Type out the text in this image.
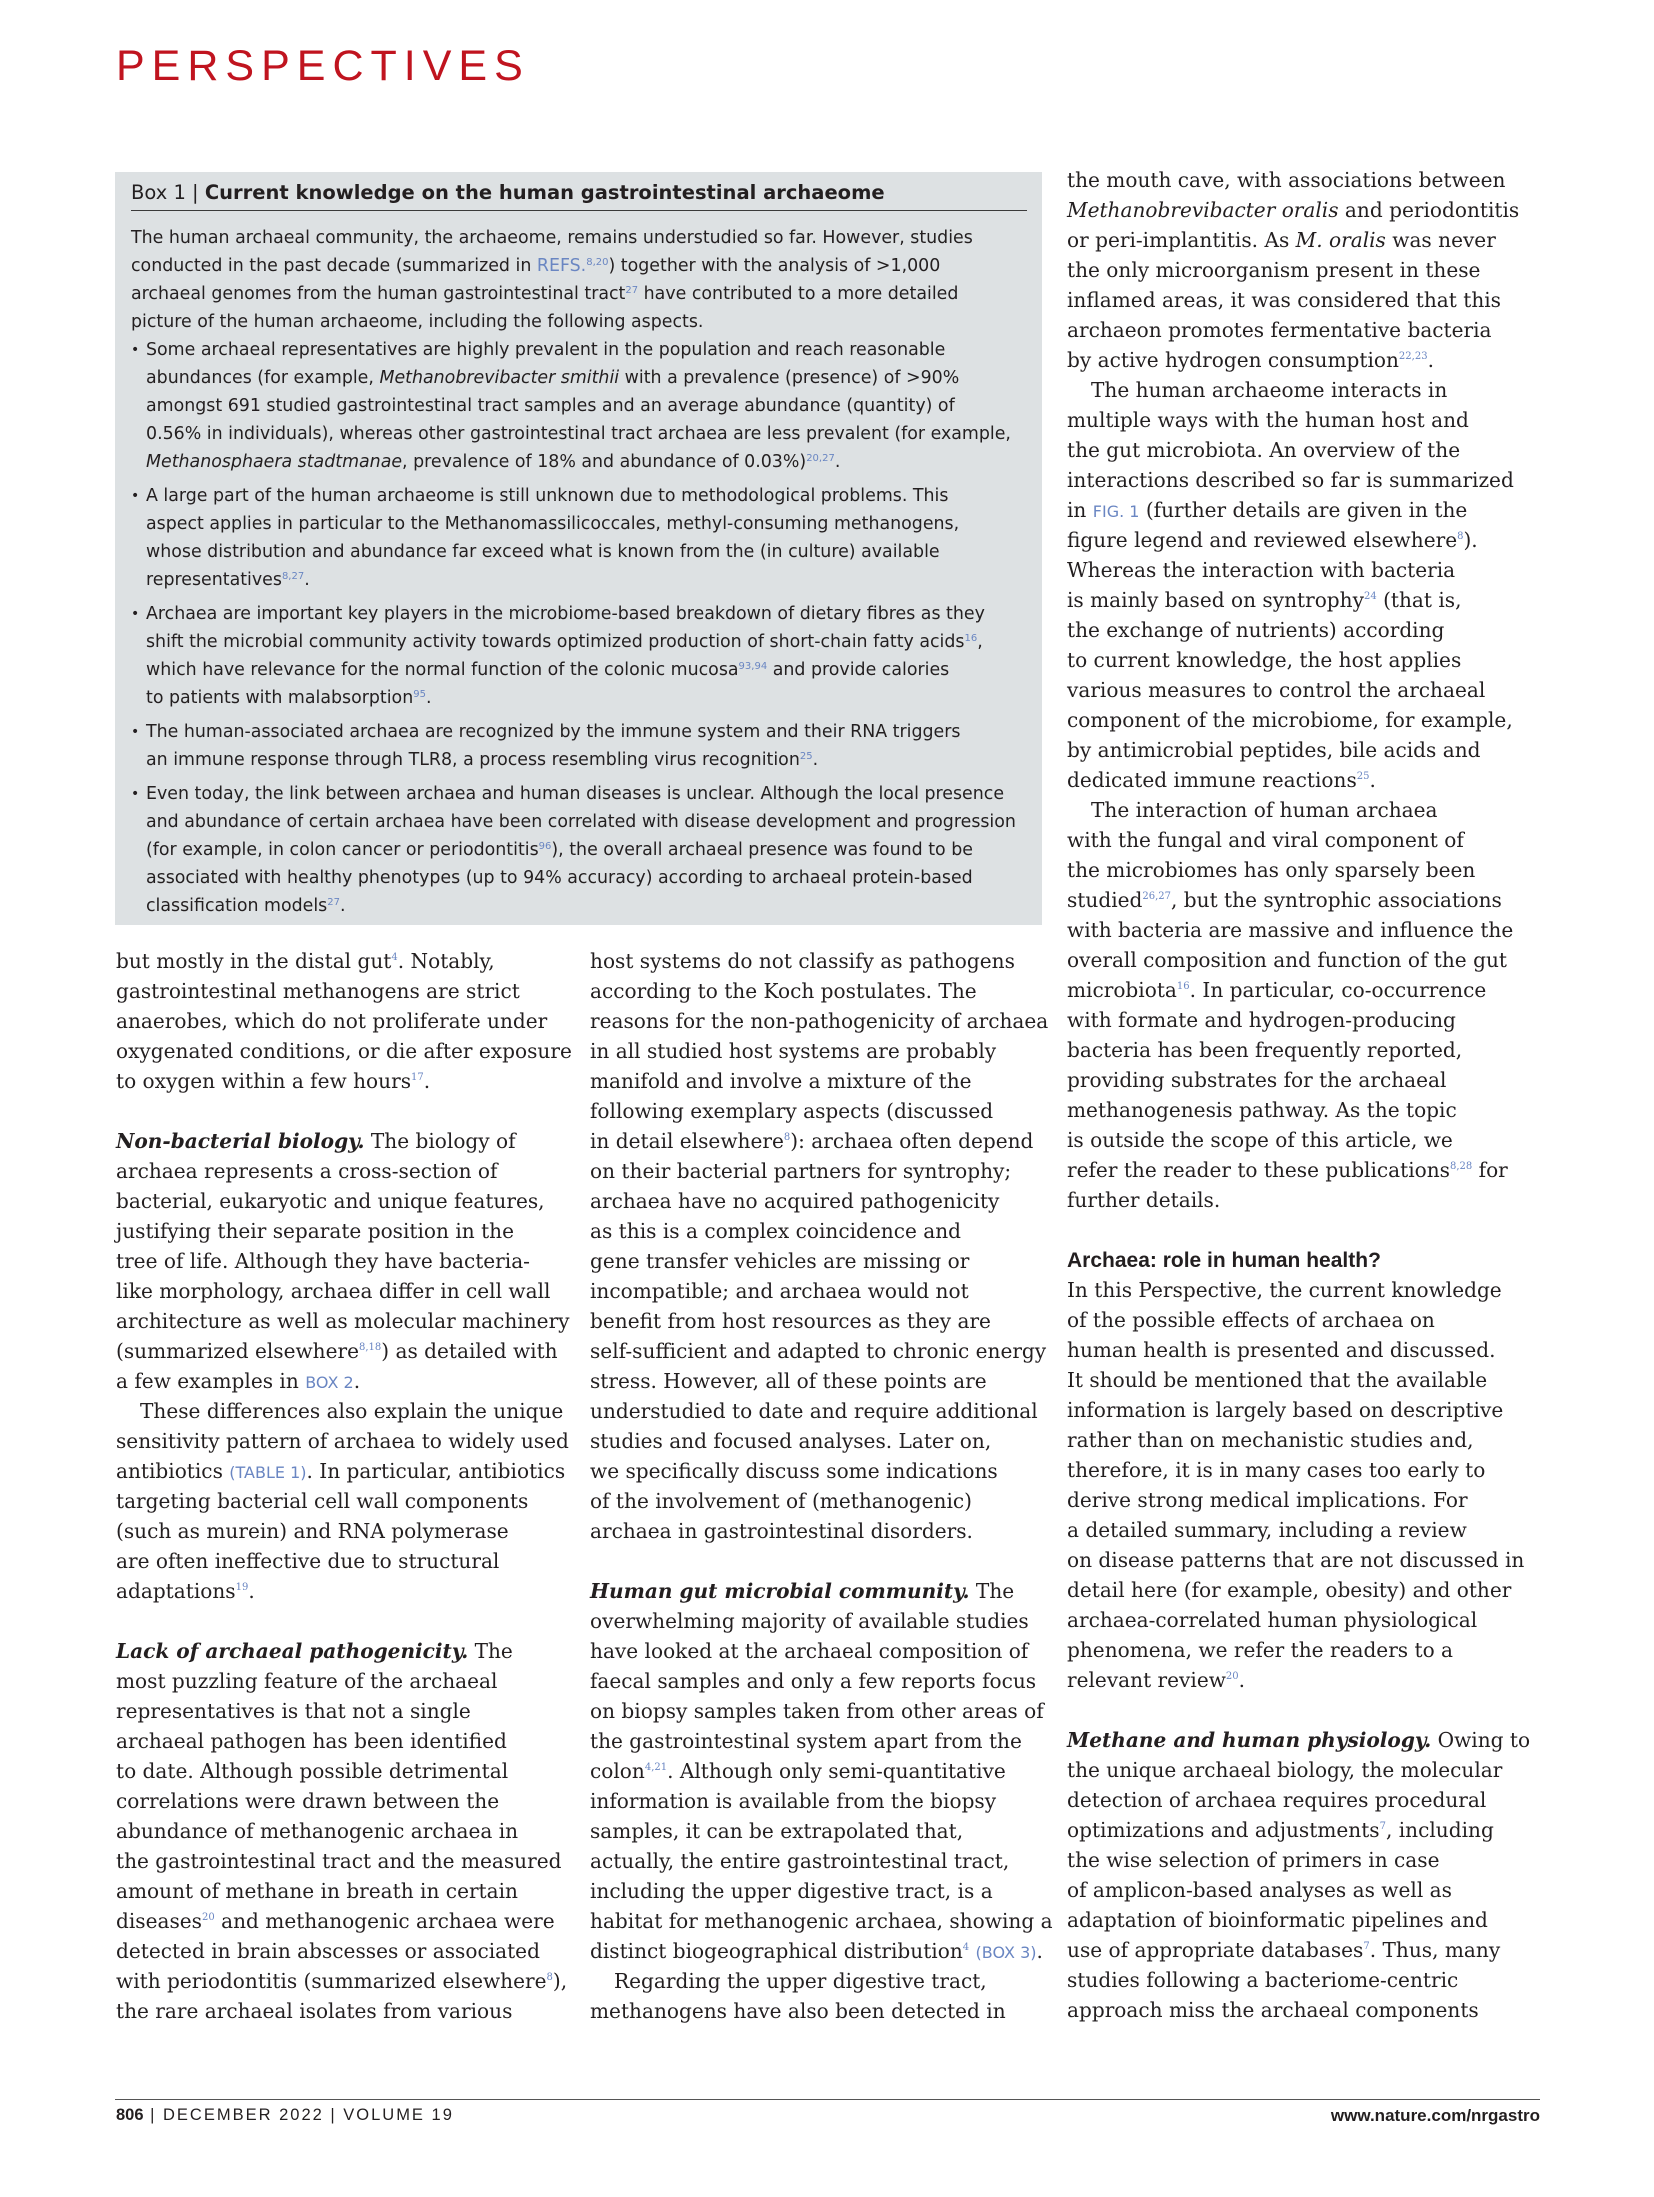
PERSPECTIVES
Box 1 | Current knowledge on the human gastrointestinal archaeome
The human archaeal community, the archaeome, remains understudied so far. However, studies
conducted in the past decade (summarized in REFS.$^{8,20}$) together with the analysis of >1,000
archaeal genomes from the human gastrointestinal tract$^{27}$ have contributed to a more detailed
picture of the human archaeome, including the following aspects.
• Some archaeal representatives are highly prevalent in the population and reach reasonable
abundances (for example, Methanobrevibacter smithii with a prevalence (presence) of >90%
amongst 691 studied gastrointestinal tract samples and an average abundance (quantity) of
0.56% in individuals), whereas other gastrointestinal tract archaea are less prevalent (for example,
Methanosphaera stadtmanae, prevalence of 18% and abundance of 0.03%)$^{20,27}$.
• A large part of the human archaeome is still unknown due to methodological problems. This
aspect applies in particular to the Methanomassilicoccales, methyl-consuming methanogens,
whose distribution and abundance far exceed what is known from the (in culture) available
representatives$^{8,27}$.
• Archaea are important key players in the microbiome-based breakdown of dietary fibres as they
shift the microbial community activity towards optimized production of short-chain fatty acids$^{16}$,
which have relevance for the normal function of the colonic mucosa$^{93,94}$ and provide calories
to patients with malabsorption$^{95}$.
• The human-associated archaea are recognized by the immune system and their RNA triggers
an immune response through TLR8, a process resembling virus recognition$^{25}$.
• Even today, the link between archaea and human diseases is unclear. Although the local presence
and abundance of certain archaea have been correlated with disease development and progression
(for example, in colon cancer or periodontitis$^{96}$), the overall archaeal presence was found to be
associated with healthy phenotypes (up to 94% accuracy) according to archaeal protein-based
classification models$^{27}$.
but mostly in the distal gut$^4$. Notably,
gastrointestinal methanogens are strict
anaerobes, which do not proliferate under
oxygenated conditions, or die after exposure
to oxygen within a few hours$^{17}$.
Non-bacterial biology. The biology of
archaea represents a cross-section of
bacterial, eukaryotic and unique features,
justifying their separate position in the
tree of life. Although they have bacteria-
like morphology, archaea differ in cell wall
architecture as well as molecular machinery
(summarized elsewhere$^{8,18}$) as detailed with
a few examples in BOX 2.
These differences also explain the unique
sensitivity pattern of archaea to widely used
antibiotics (TABLE 1). In particular, antibiotics
targeting bacterial cell wall components
(such as murein) and RNA polymerase
are often ineffective due to structural
adaptations$^{19}$.
Lack of archaeal pathogenicity. The
most puzzling feature of the archaeal
representatives is that not a single
archaeal pathogen has been identified
to date. Although possible detrimental
correlations were drawn between the
abundance of methanogenic archaea in
the gastrointestinal tract and the measured
amount of methane in breath in certain
diseases$^{20}$ and methanogenic archaea were
detected in brain abscesses or associated
with periodontitis (summarized elsewhere$^8$),
the rare archaeal isolates from various
host systems do not classify as pathogens
according to the Koch postulates. The
reasons for the non-pathogenicity of archaea
in all studied host systems are probably
manifold and involve a mixture of the
following exemplary aspects (discussed
in detail elsewhere$^8$): archaea often depend
on their bacterial partners for syntrophy;
archaea have no acquired pathogenicity
as this is a complex coincidence and
gene transfer vehicles are missing or
incompatible; and archaea would not
benefit from host resources as they are
self-sufficient and adapted to chronic energy
stress. However, all of these points are
understudied to date and require additional
studies and focused analyses. Later on,
we specifically discuss some indications
of the involvement of (methanogenic)
archaea in gastrointestinal disorders.
Human gut microbial community. The
overwhelming majority of available studies
have looked at the archaeal composition of
faecal samples and only a few reports focus
on biopsy samples taken from other areas of
the gastrointestinal system apart from the
colon$^{4,21}$. Although only semi-quantitative
information is available from the biopsy
samples, it can be extrapolated that,
actually, the entire gastrointestinal tract,
including the upper digestive tract, is a
habitat for methanogenic archaea, showing a
distinct biogeographical distribution$^4$ (BOX 3).
Regarding the upper digestive tract,
methanogens have also been detected in
the mouth cave, with associations between
Methanobrevibacter oralis and periodontitis
or peri-implantitis. As M. oralis was never
the only microorganism present in these
inflamed areas, it was considered that this
archaeon promotes fermentative bacteria
by active hydrogen consumption$^{22,23}$.
The human archaeome interacts in
multiple ways with the human host and
the gut microbiota. An overview of the
interactions described so far is summarized
in FIG. 1 (further details are given in the
figure legend and reviewed elsewhere$^8$).
Whereas the interaction with bacteria
is mainly based on syntrophy$^{24}$ (that is,
the exchange of nutrients) according
to current knowledge, the host applies
various measures to control the archaeal
component of the microbiome, for example,
by antimicrobial peptides, bile acids and
dedicated immune reactions$^{25}$.
The interaction of human archaea
with the fungal and viral component of
the microbiomes has only sparsely been
studied$^{26,27}$, but the syntrophic associations
with bacteria are massive and influence the
overall composition and function of the gut
microbiota$^{16}$. In particular, co-occurrence
with formate and hydrogen-producing
bacteria has been frequently reported,
providing substrates for the archaeal
methanogenesis pathway. As the topic
is outside the scope of this article, we
refer the reader to these publications$^{8,28}$ for
further details.
Archaea: role in human health?
In this Perspective, the current knowledge
of the possible effects of archaea on
human health is presented and discussed.
It should be mentioned that the available
information is largely based on descriptive
rather than on mechanistic studies and,
therefore, it is in many cases too early to
derive strong medical implications. For
a detailed summary, including a review
on disease patterns that are not discussed in
detail here (for example, obesity) and other
archaea-correlated human physiological
phenomena, we refer the readers to a
relevant review$^{20}$.
Methane and human physiology. Owing to
the unique archaeal biology, the molecular
detection of archaea requires procedural
optimizations and adjustments$^7$, including
the wise selection of primers in case
of amplicon-based analyses as well as
adaptation of bioinformatic pipelines and
use of appropriate databases$^7$. Thus, many
studies following a bacteriome-centric
approach miss the archaeal components
806 | DECEMBER 2022 | VOLUME 19	www.nature.com/nrgastro
